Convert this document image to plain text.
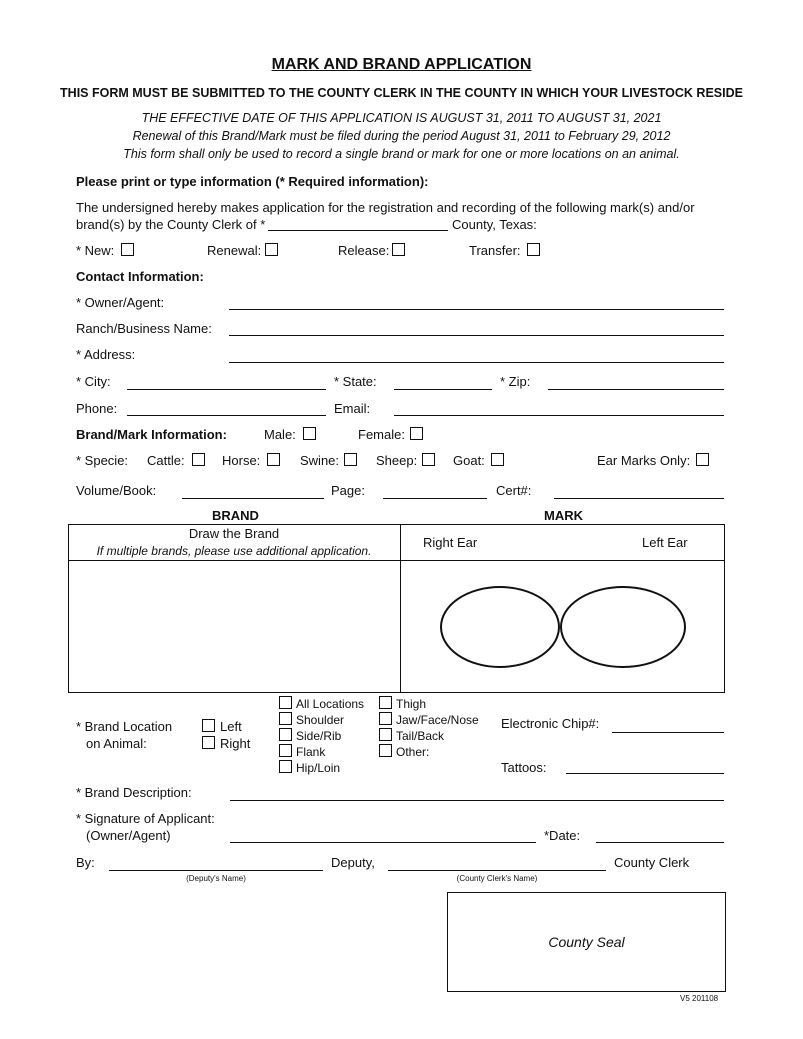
MARK AND BRAND APPLICATION
THIS FORM MUST BE SUBMITTED TO THE COUNTY CLERK IN THE COUNTY IN WHICH YOUR LIVESTOCK RESIDE
THE EFFECTIVE DATE OF THIS APPLICATION IS AUGUST 31, 2011 TO AUGUST 31, 2021
Renewal of this Brand/Mark must be filed during the period August 31, 2011 to February 29, 2012
This form shall only be used to record a single brand or mark for one or more locations on an animal.
Please print or type information (* Required information):
The undersigned hereby makes application for the registration and recording of the following mark(s) and/or
brand(s) by the County Clerk of *	County, Texas:
* New:	Renewal:	Release:	Transfer:
Contact Information:
* Owner/Agent:
Ranch/Business Name:
* Address:
* City:	* State:	* Zip:
Phone:	Email:
Brand/Mark Information:	Male:	Female:
* Specie: Cattle:	Horse:	Swine:	Sheep:	Goat:	Ear Marks Only:
Volume/Book:	Page:	Cert#:
BRAND	MARK
Draw the Brand
If multiple brands, please use additional application.
Right Ear	Left Ear
* Brand Location
on Animal:
Left
Right
All Locations
Shoulder
Side/Rib
Flank
Hip/Loin
Thigh
Jaw/Face/Nose
Tail/Back
Other:
Electronic Chip#:
Tattoos:
* Brand Description:
* Signature of Applicant:
(Owner/Agent)	*Date:
By:	Deputy,	County Clerk
(Deputy's Name)	(County Clerk's Name)
County Seal
V5 201108
